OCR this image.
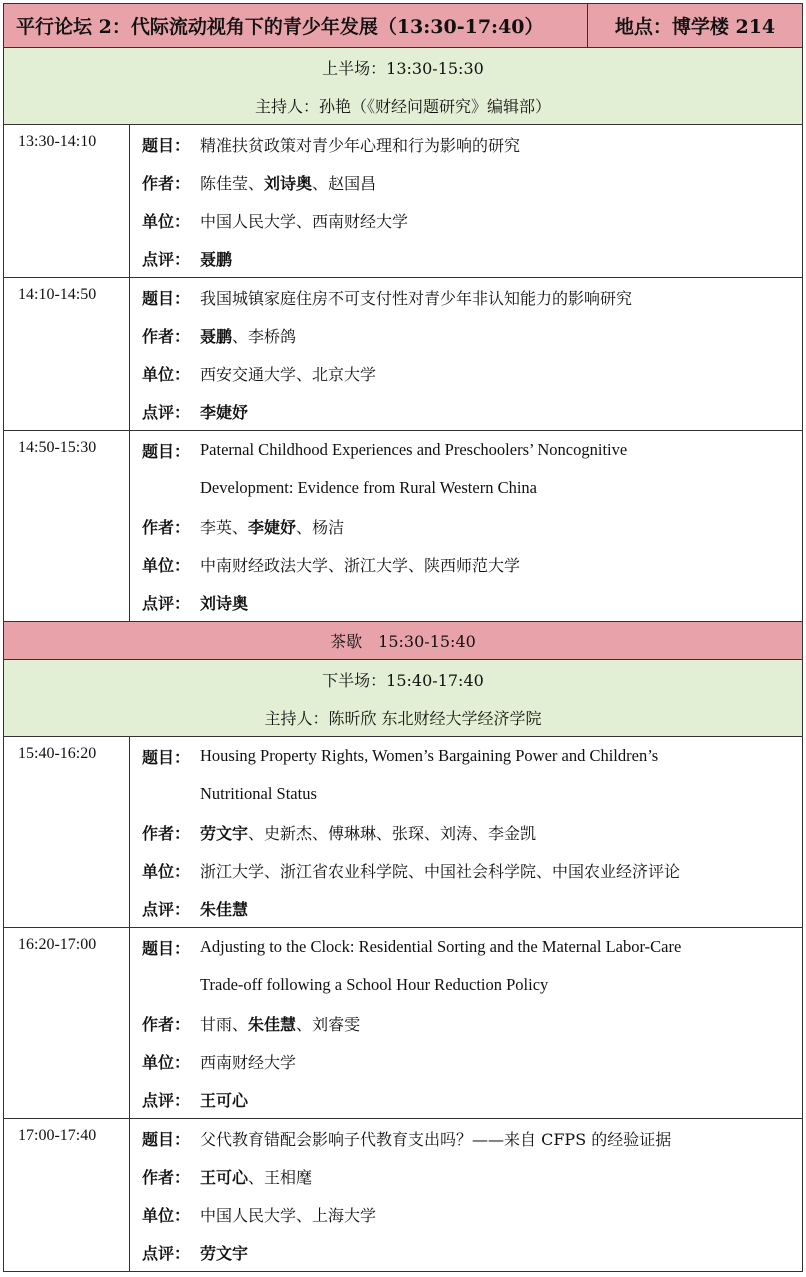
平行论坛 2：代际流动视角下的青少年发展（13:30-17:40）	地点：博学楼 214
上半场：13:30-15:30
主持人：孙艳（《财经问题研究》编辑部）
13:30-14:10	题目： 精准扶贫政策对青少年心理和行为影响的研究
作者： 陈佳莹 、 刘诗奥 、 赵国昌
单位： 中国人民大学、西南财经大学
点评： 聂鹏
14:10-14:50	题目： 我国城镇家庭住房不可支付性对青少年非认知能力的影响研究
作者： 聂鹏 、 李桥鸽
单位： 西安交通大学、北京大学
点评： 李婕妤
14:50-15:30	题目： Paternal Childhood Experiences and Preschoolers’ Noncognitive
Development: Evidence from Rural Western China
作者： 李英 、 李婕妤 、 杨洁
单位： 中南财经政法大学、浙江大学、陕西师范大学
点评： 刘诗奥
茶歇　15:30-15:40
下半场：15:40-17:40
主持人：陈昕欣 东北财经大学经济学院
15:40-16:20	题目： Housing Property Rights, Women’s Bargaining Power and Children’s
Nutritional Status
作者： 劳文宇 、 史新杰、傅琳琳、张琛、刘涛、李金凯
单位： 浙江大学、浙江省农业科学院、中国社会科学院、中国农业经济评论
点评： 朱佳慧
16:20-17:00	题目： Adjusting to the Clock: Residential Sorting and the Maternal Labor-Care
Trade-off following a School Hour Reduction Policy
作者： 甘雨 、 朱佳慧 、 刘睿雯
单位： 西南财经大学
点评： 王可心
17:00-17:40	题目： 父代教育错配会影响子代教育支出吗？——来自 CFPS 的经验证据
作者： 王可心 、 王相麾
单位： 中国人民大学、上海大学
点评： 劳文宇
